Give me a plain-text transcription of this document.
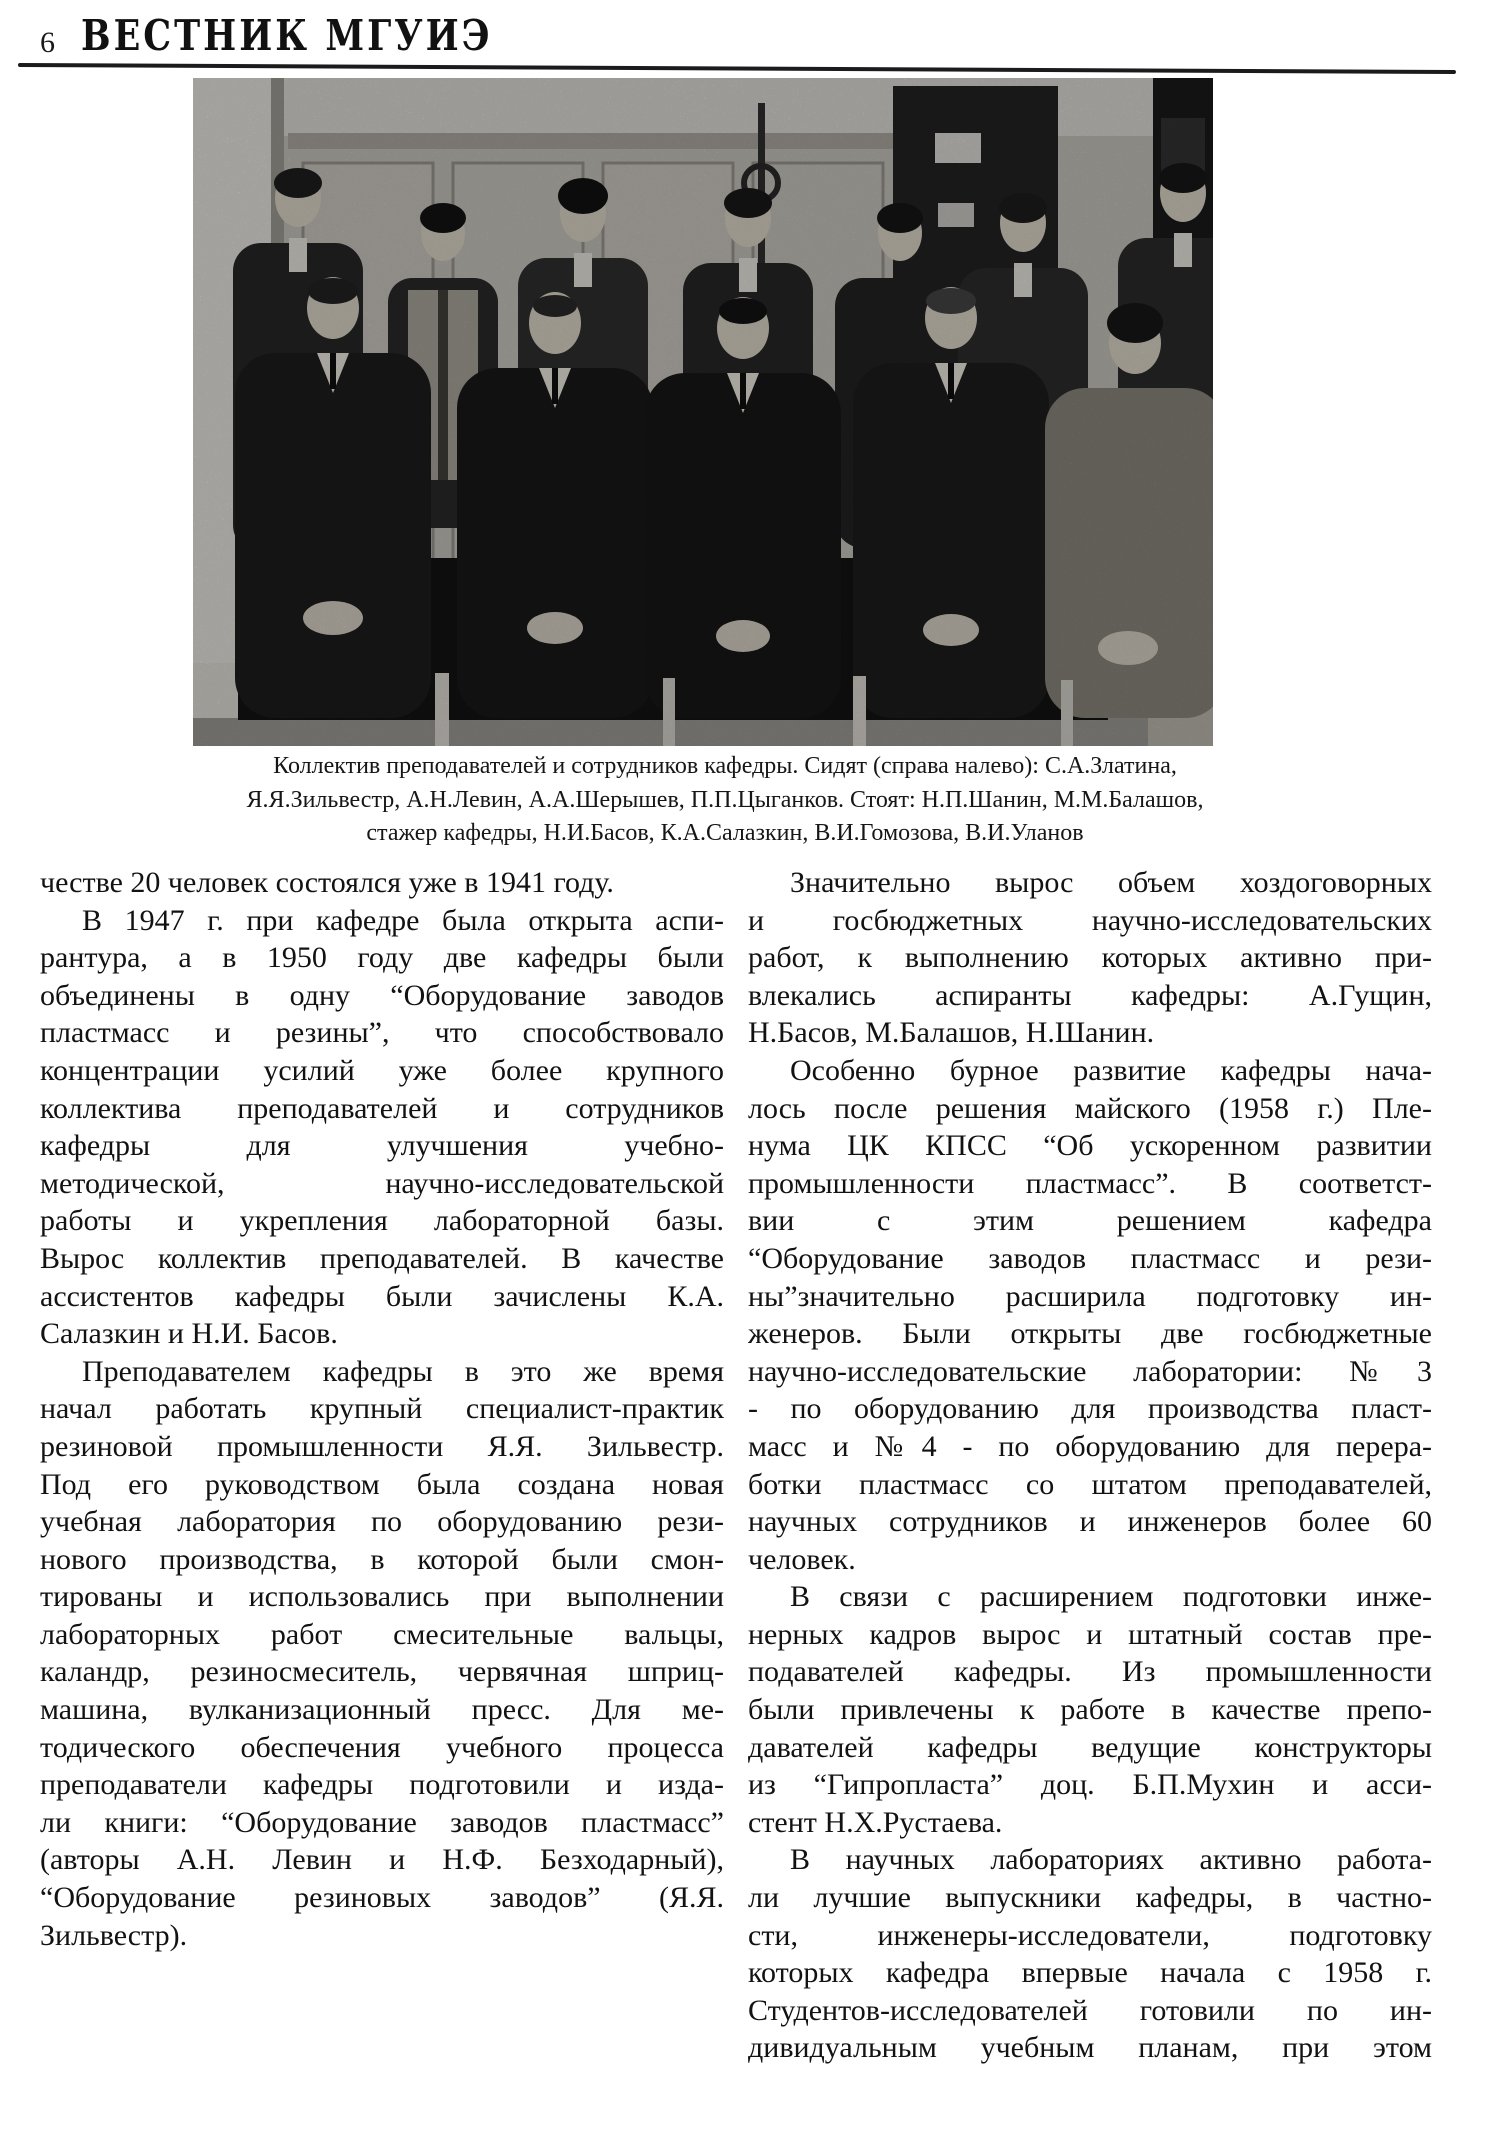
6 ВЕСТНИК МГУИЭ
Коллектив преподавателей и сотрудников кафедры. Сидят (справа налево): С.А.Златина,
Я.Я.Зильвестр, А.Н.Левин, А.А.Шерышев, П.П.Цыганков. Стоят: Н.П.Шанин, М.М.Балашов,
стажер кафедры, Н.И.Басов, К.А.Салазкин, В.И.Гомозова, В.И.Уланов
честве 20 человек состоялся уже в 1941 году.
В 1947 г. при кафедре была открыта аспи-
рантура, а в 1950 году две кафедры были
объединены в одну “Оборудование заводов
пластмасс и резины”, что способствовало
концентрации усилий уже более крупного
коллектива преподавателей и сотрудников
кафедры для улучшения учебно-
методической, научно-исследовательской
работы и укрепления лабораторной базы.
Вырос коллектив преподавателей. В качестве
ассистентов кафедры были зачислены К.А.
Салазкин и Н.И. Басов.
Преподавателем кафедры в это же время
начал работать крупный специалист-практик
резиновой промышленности Я.Я. Зильвестр.
Под его руководством была создана новая
учебная лаборатория по оборудованию рези-
нового производства, в которой были смон-
тированы и использовались при выполнении
лабораторных работ смесительные вальцы,
каландр, резиносмеситель, червячная шприц-
машина, вулканизационный пресс. Для ме-
тодического обеспечения учебного процесса
преподаватели кафедры подготовили и изда-
ли книги: “Оборудование заводов пластмасс”
(авторы А.Н. Левин и Н.Ф. Безходарный),
“Оборудование резиновых заводов” (Я.Я.
Зильвестр).
Значительно вырос объем хоздоговорных
и госбюджетных научно-исследовательских
работ, к выполнению которых активно при-
влекались аспиранты кафедры: А.Гущин,
Н.Басов, М.Балашов, Н.Шанин.
Особенно бурное развитие кафедры нача-
лось после решения майского (1958 г.) Пле-
нума ЦК КПСС “Об ускоренном развитии
промышленности пластмасс”. В соответст-
вии с этим решением кафедра
“Оборудование заводов пластмасс и рези-
ны”значительно расширила подготовку ин-
женеров. Были открыты две госбюджетные
научно-исследовательские лаборатории: №3
- по оборудованию для производства пласт-
масс и №4 - по оборудованию для перера-
ботки пластмасс со штатом преподавателей,
научных сотрудников и инженеров более 60
человек.
В связи с расширением подготовки инже-
нерных кадров вырос и штатный состав пре-
подавателей кафедры. Из промышленности
были привлечены к работе в качестве препо-
давателей кафедры ведущие конструкторы
из “Гипропласта” доц. Б.П.Мухин и асси-
стент Н.Х.Рустаева.
В научных лабораториях активно работа-
ли лучшие выпускники кафедры, в частно-
сти, инженеры-исследователи, подготовку
которых кафедра впервые начала с 1958 г.
Студентов-исследователей готовили по ин-
дивидуальным учебным планам, при этом
